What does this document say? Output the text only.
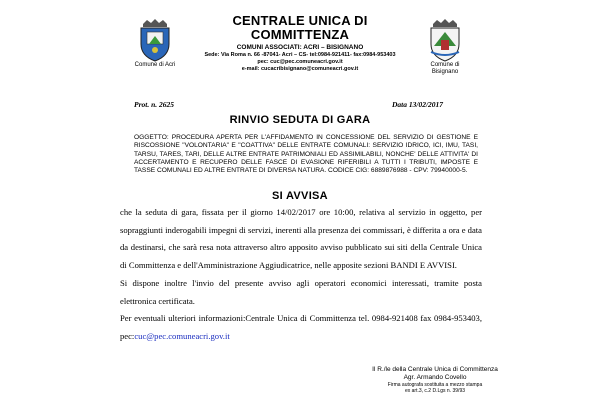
Comune di Acri
CENTRALE UNICA DI
COMMITTENZA
COMUNI ASSOCIATI: ACRI – BISIGNANO
Sede: Via Roma n. 66 -87041- Acri – CS- tel:0984-921411- fax:0984-953403
pec: cuc@pec.comuneacri.gov.it
e-mail: cucacribisignano@comuneacri.gov.it
Comune di Bisignano
Prot. n. 2625	Data 13/02/2017
RINVIO SEDUTA DI GARA
OGGETTO: PROCEDURA APERTA PER L'AFFIDAMENTO IN CONCESSIONE DEL SERVIZIO DI GESTIONE E RISCOSSIONE "VOLONTARIA" E "COATTIVA" DELLE ENTRATE COMUNALI: SERVIZIO IDRICO, ICI, IMU, TASI, TARSU, TARES, TARI, DELLE ALTRE ENTRATE PATRIMONIALI ED ASSIMILABILI, NONCHE' DELLE ATTIVITA' DI ACCERTAMENTO E RECUPERO DELLE FASCE DI EVASIONE RIFERIBILI A TUTTI I TRIBUTI, IMPOSTE E TASSE COMUNALI ED ALTRE ENTRATE DI DIVERSA NATURA. CODICE CIG: 6889876988 - CPV: 79940000-5.
SI AVVISA

che la seduta di gara, fissata per il giorno 14/02/2017 ore 10:00, relativa al servizio in oggetto, per sopraggiunti inderogabili impegni di servizi, inerenti alla presenza dei commissari, è differita a ora e data da destinarsi, che sarà resa nota attraverso altro apposito avviso pubblicato sui siti della Centrale Unica di Committenza e dell'Amministrazione Aggiudicatrice, nelle apposite sezioni BANDI E AVVISI.

Si dispone inoltre l'invio del presente avviso agli operatori economici interessati, tramite posta elettronica certificata.

Per eventuali ulteriori informazioni:Centrale Unica di Committenza tel. 0984-921408 fax 0984-953403, pec:cuc@pec.comuneacri.gov.it

Il R./le della Centrale Unica di Committenza
Agr. Armando Covello
Firma autografa sostituita a mezzo stampa
ex art.3, c.2 D.Lgs n. 39/93
